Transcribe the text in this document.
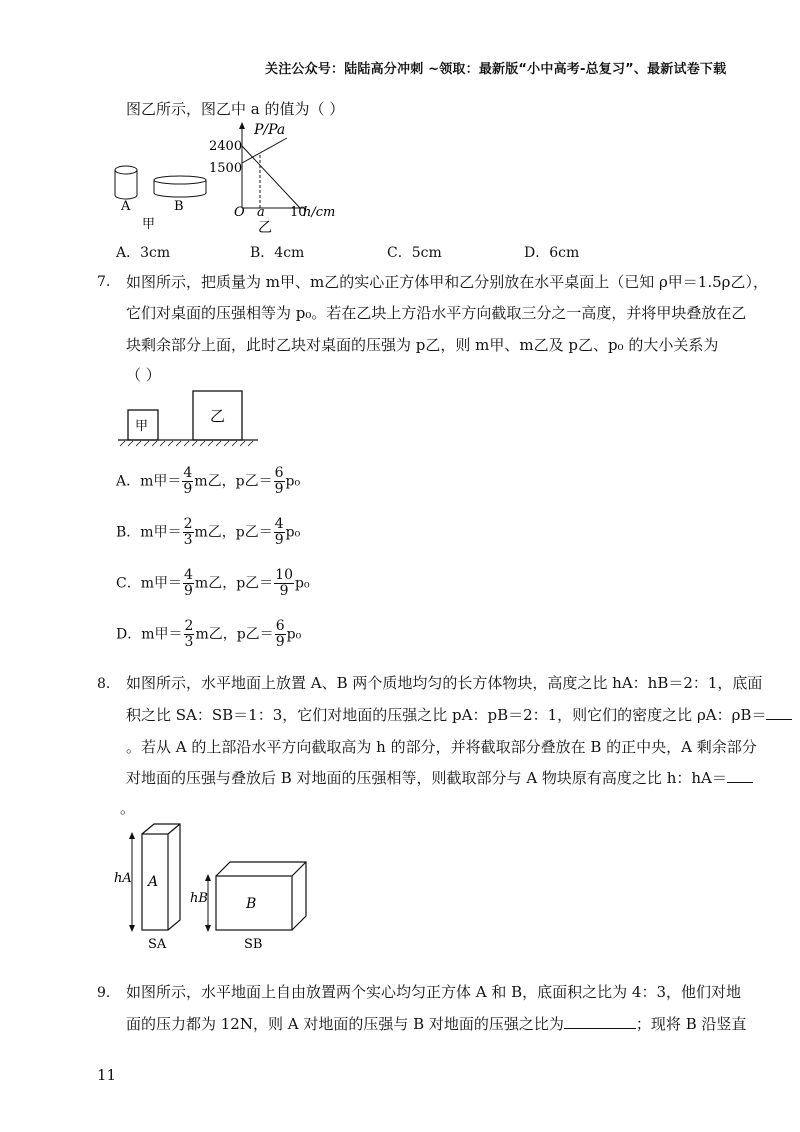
关注公众号：陆陆高分冲刺 ~领取：最新版“小中高考-总复习”、最新试卷下载
图乙所示，图乙中 a 的值为（ ）
A	B
甲
P/Pa
2400
1500
O a 10
h/cm
乙
A．3cm	B．4cm	C．5cm	D．6cm
7. 如图所示，把质量为 m甲、m乙的实心正方体甲和乙分别放在水平桌面上（已知 ρ甲＝1.5ρ乙），
它们对桌面的压强相等为 p₀。若在乙块上方沿水平方向截取三分之一高度，并将甲块叠放在乙
块剩余部分上面，此时乙块对桌面的压强为 p乙，则 m甲、m乙及 p乙、p₀ 的大小关系为
（ ）
甲
乙
A．m甲＝ $\frac{4}{9}$ m乙，p乙＝ $\frac{6}{9} p_0$
B．m甲＝ $\frac{2}{3}$ m乙，p乙＝ $\frac{4}{9} p_0$
C．m甲＝ $\frac{4}{9}$ m乙，p乙＝ $\frac{10}{9} p_0$
D．m甲＝ $\frac{2}{3}$ m乙，p乙＝ $\frac{6}{9} p_0$
8. 如图所示，水平地面上放置 A、B 两个质地均匀的长方体物块，高度之比 hA：hB＝2：1，底面
积之比 SA：SB＝1：3，它们对地面的压强之比 pA：pB＝2：1，则它们的密度之比 ρA：ρB＝
。若从 A 的上部沿水平方向截取高为 h 的部分，并将截取部分叠放在 B 的正中央，A 剩余部分
对地面的压强与叠放后 B 对地面的压强相等，则截取部分与 A 物块原有高度之比 h：hA＝
。
hA A
SA
hB	B
SB
9. 如图所示，水平地面上自由放置两个实心均匀正方体 A 和 B，底面积之比为 4：3，他们对地
面的压力都为 12N，则 A 对地面的压强与 B 对地面的压强之比为	；现将 B 沿竖直
11
